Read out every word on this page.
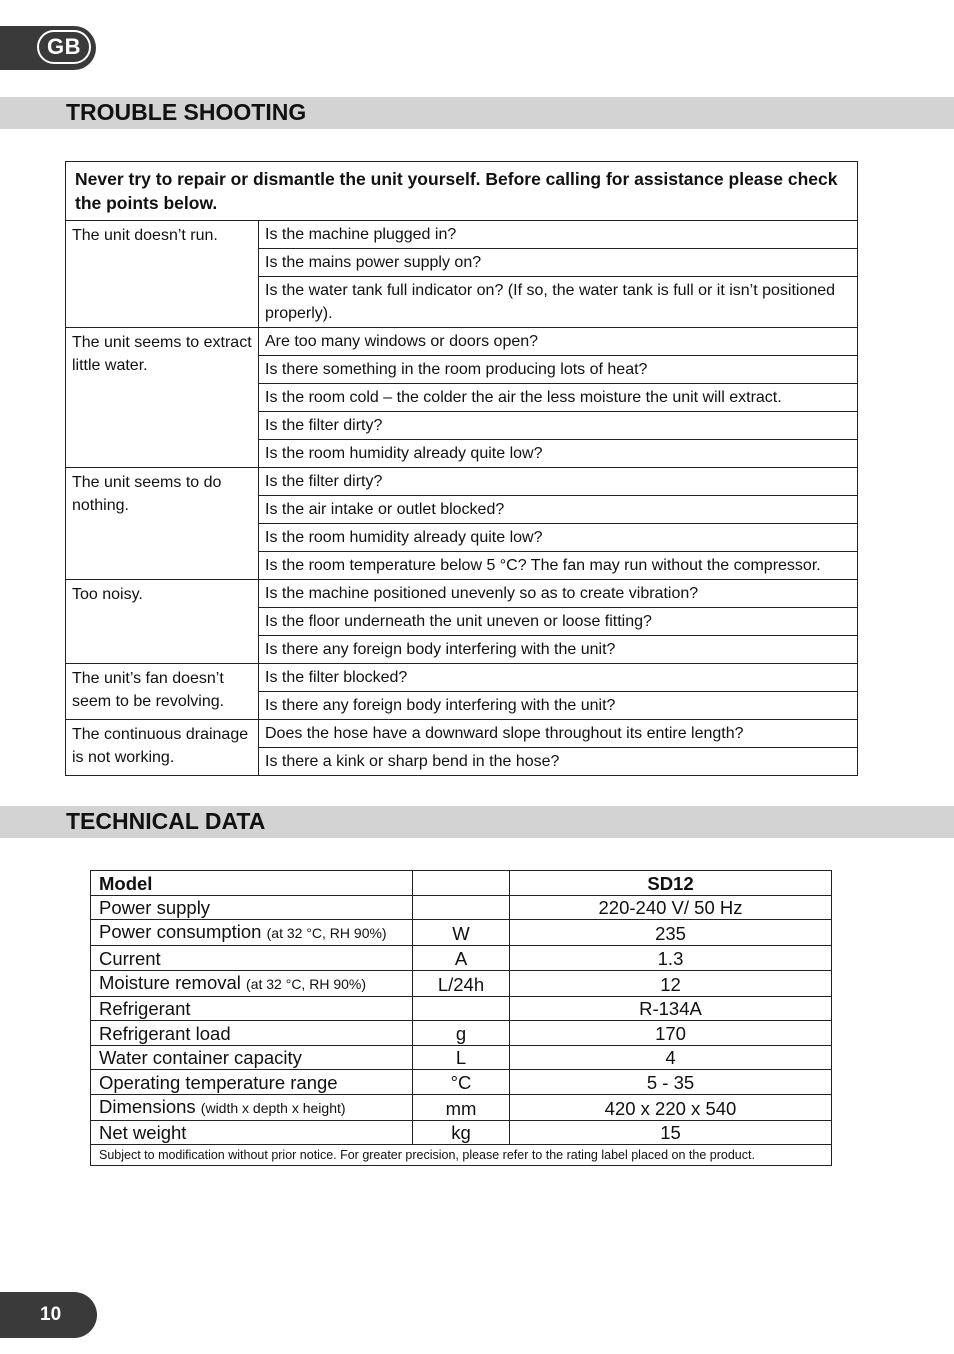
GB
TROUBLE SHOOTING
Never try to repair or dismantle the unit yourself. Before calling for assistance please check the points below.	
The unit doesn’t run.	Is the machine plugged in?
	Is the mains power supply on?
	Is the water tank full indicator on? (If so, the water tank is full or it isn’t positioned properly).
The unit seems to extract little water.	Are too many windows or doors open?
	Is there something in the room producing lots of heat?
	Is the room cold – the colder the air the less moisture the unit will extract.
	Is the filter dirty?
	Is the room humidity already quite low?
The unit seems to do nothing.	Is the filter dirty?
	Is the air intake or outlet blocked?
	Is the room humidity already quite low?
	Is the room temperature below 5 °C? The fan may run without the compressor.
Too noisy.	Is the machine positioned unevenly so as to create vibration?
	Is the floor underneath the unit uneven or loose fitting?
	Is there any foreign body interfering with the unit?
The unit’s fan doesn’t seem to be revolving.	Is the filter blocked?
	Is there any foreign body interfering with the unit?
The continuous drainage is not working.	Does the hose have a downward slope throughout its entire length?
	Is there a kink or sharp bend in the hose?
TECHNICAL DATA
Model		SD12
Power supply		220-240 V/ 50 Hz
Power consumption (at 32 °C, RH 90%)	W	235
Current	A	1.3
Moisture removal (at 32 °C, RH 90%)	L/24h	12
Refrigerant		R-134A
Refrigerant load	g	170
Water container capacity	L	4
Operating temperature range	°C	5 - 35
Dimensions (width x depth x height)	mm	420 x 220 x 540
Net weight	kg	15
Subject to modification without prior notice. For greater precision, please refer to the rating label placed on the product.		
10
